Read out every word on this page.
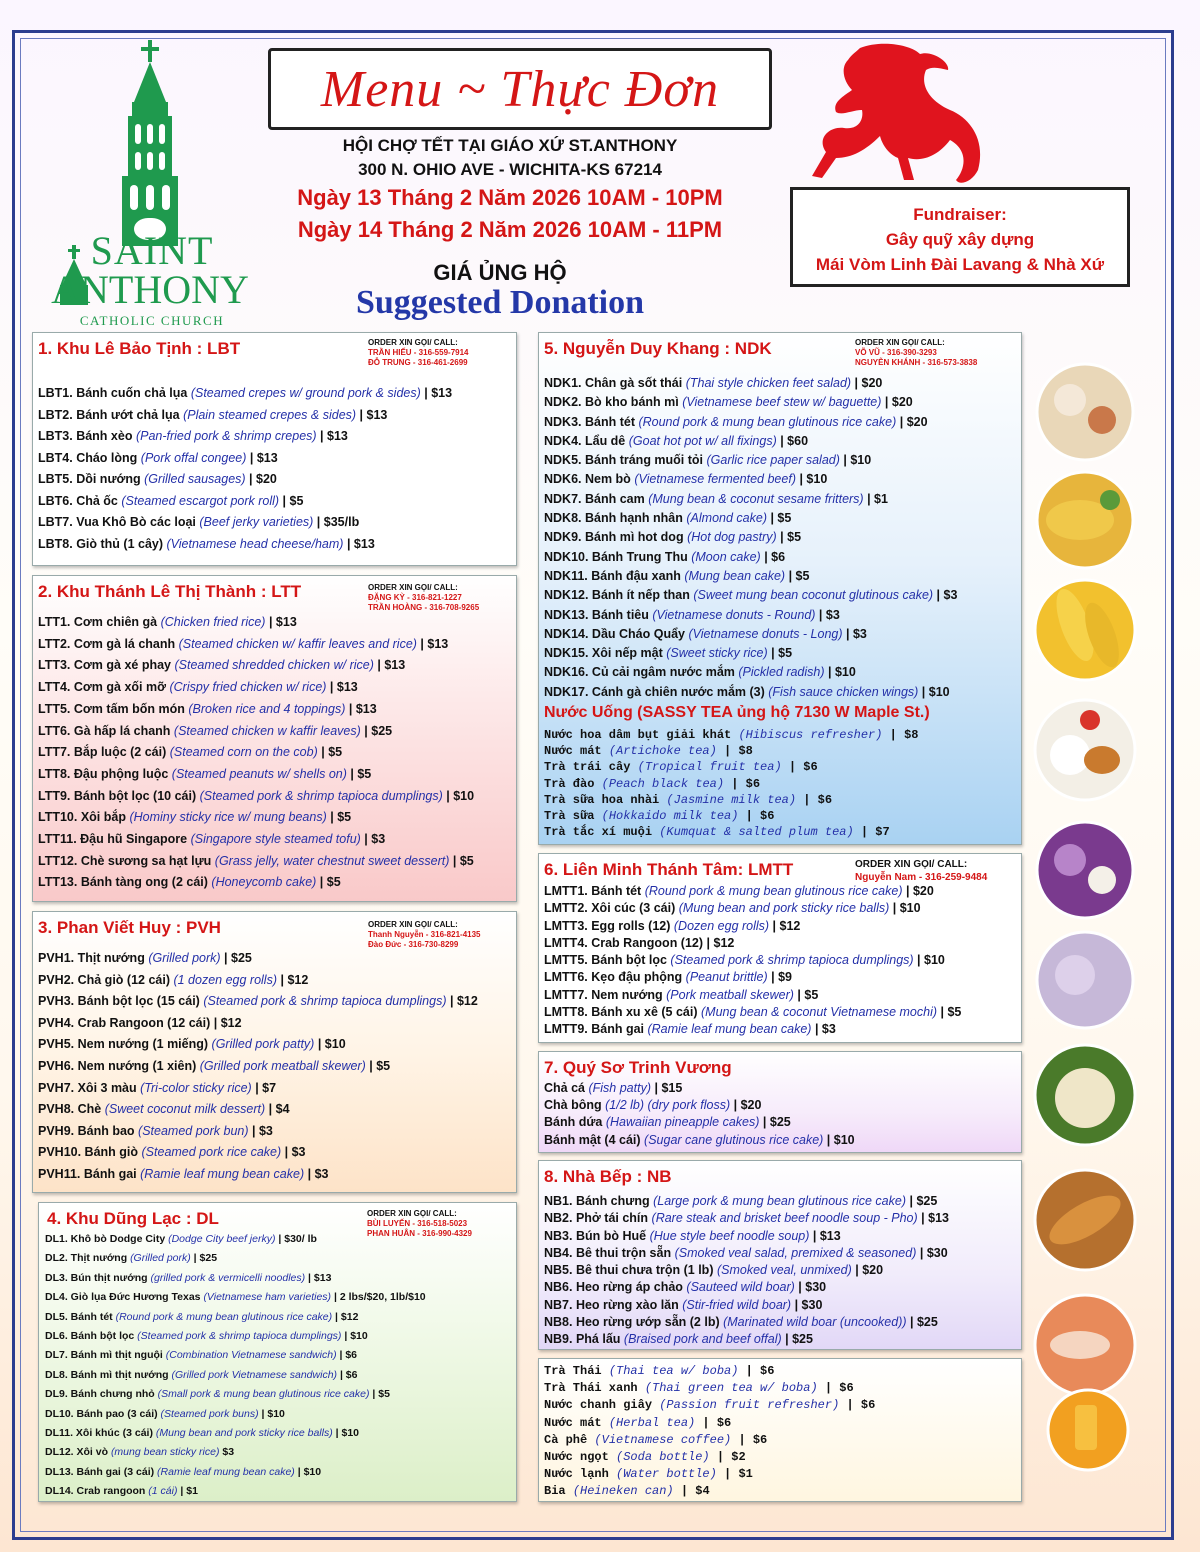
SAINT
ANTHONY
CATHOLIC CHURCH
Menu ~ Thực Đơn
HỘI CHỢ TẾT TẠI GIÁO XỨ ST.ANTHONY
300 N. OHIO AVE - WICHITA-KS 67214
Ngày 13 Tháng 2 Năm 2026 10AM - 10PM
Ngày 14 Tháng 2 Năm 2026 10AM - 11PM
GIÁ ỦNG HỘ
Suggested Donation
Fundraiser:
Gây quỹ xây dựng
Mái Vòm Linh Đài Lavang & Nhà Xứ
1. Khu Lê Bảo Tịnh : LBT	ORDER XIN GỌI/ CALL:
TRẦN HIẾU - 316-559-7914
ĐỖ TRUNG - 316-461-2699
LBT1. Bánh cuốn chả lụa (Steamed crepes w/ ground pork & sides) | $13
LBT2. Bánh ướt chả lụa (Plain steamed crepes & sides) | $13
LBT3. Bánh xèo (Pan-fried pork & shrimp crepes) | $13
LBT4. Cháo lòng (Pork offal congee) | $13
LBT5. Dồi nướng (Grilled sausages) | $20
LBT6. Chả ốc (Steamed escargot pork roll) | $5
LBT7. Vua Khô Bò các loại (Beef jerky varieties) | $35/lb
LBT8. Giò thủ (1 cây) (Vietnamese head cheese/ham) | $13
2. Khu Thánh Lê Thị Thành : LTT	ORDER XIN GỌI/ CALL:
ĐẶNG KỲ - 316-821-1227
TRẦN HOÀNG - 316-708-9265
LTT1. Cơm chiên gà (Chicken fried rice) | $13
LTT2. Cơm gà lá chanh (Steamed chicken w/ kaffir leaves and rice) | $13
LTT3. Cơm gà xé phay (Steamed shredded chicken w/ rice) | $13
LTT4. Cơm gà xối mỡ (Crispy fried chicken w/ rice) | $13
LTT5. Cơm tấm bốn món (Broken rice and 4 toppings) | $13
LTT6. Gà hấp lá chanh (Steamed chicken w kaffir leaves) | $25
LTT7. Bắp luộc (2 cái) (Steamed corn on the cob) | $5
LTT8. Đậu phộng luộc (Steamed peanuts w/ shells on) | $5
LTT9. Bánh bột lọc (10 cái) (Steamed pork & shrimp tapioca dumplings) | $10
LTT10. Xôi bắp (Hominy sticky rice w/ mung beans) | $5
LTT11. Đậu hũ Singapore (Singapore style steamed tofu) | $3
LTT12. Chè sương sa hạt lựu (Grass jelly, water chestnut sweet dessert) | $5
LTT13. Bánh tàng ong (2 cái) (Honeycomb cake) | $5
3. Phan Viết Huy : PVH	ORDER XIN GỌI/ CALL:
Thanh Nguyễn - 316-821-4135
Đào Đức - 316-730-8299
PVH1. Thịt nướng (Grilled pork) | $25
PVH2. Chả giò (12 cái) (1 dozen egg rolls) | $12
PVH3. Bánh bột lọc (15 cái) (Steamed pork & shrimp tapioca dumplings) | $12
PVH4. Crab Rangoon (12 cái) | $12
PVH5. Nem nướng (1 miếng) (Grilled pork patty) | $10
PVH6. Nem nướng (1 xiên) (Grilled pork meatball skewer) | $5
PVH7. Xôi 3 màu (Tri-color sticky rice) | $7
PVH8. Chè (Sweet coconut milk dessert) | $4
PVH9. Bánh bao (Steamed pork bun) | $3
PVH10. Bánh giò (Steamed pork rice cake) | $3
PVH11. Bánh gai (Ramie leaf mung bean cake) | $3
4. Khu Dũng Lạc : DL	ORDER XIN GỌI/ CALL:
BÙI LUYẾN - 316-518-5023
PHAN HUÂN - 316-990-4329
DL1. Khô bò Dodge City (Dodge City beef jerky) | $30/ lb
DL2. Thịt nướng (Grilled pork) | $25
DL3. Bún thịt nướng (grilled pork & vermicelli noodles) | $13
DL4. Giò lụa Đức Hương Texas (Vietnamese ham varieties) | 2 lbs/$20, 1lb/$10
DL5. Bánh tét (Round pork & mung bean glutinous rice cake) | $12
DL6. Bánh bột lọc (Steamed pork & shrimp tapioca dumplings) | $10
DL7. Bánh mì thịt nguội (Combination Vietnamese sandwich) | $6
DL8. Bánh mì thịt nướng (Grilled pork Vietnamese sandwich) | $6
DL9. Bánh chưng nhỏ (Small pork & mung bean glutinous rice cake) | $5
DL10. Bánh pao (3 cái) (Steamed pork buns) | $10
DL11. Xôi khúc (3 cái) (Mung bean and pork sticky rice balls) | $10
DL12. Xôi vò (mung bean sticky rice) $3
DL13. Bánh gai (3 cái) (Ramie leaf mung bean cake) | $10
DL14. Crab rangoon (1 cái) | $1
5. Nguyễn Duy Khang : NDK	ORDER XIN GỌI/ CALL:
VÕ VŨ - 316-390-3293
NGUYỄN KHÁNH - 316-573-3838
NDK1. Chân gà sốt thái (Thai style chicken feet salad) | $20
NDK2. Bò kho bánh mì (Vietnamese beef stew w/ baguette) | $20
NDK3. Bánh tét (Round pork & mung bean glutinous rice cake) | $20
NDK4. Lẩu dê (Goat hot pot w/ all fixings) | $60
NDK5. Bánh tráng muối tỏi (Garlic rice paper salad) | $10
NDK6. Nem bò (Vietnamese fermented beef) | $10
NDK7. Bánh cam (Mung bean & coconut sesame fritters) | $1
NDK8. Bánh hạnh nhân (Almond cake) | $5
NDK9. Bánh mì hot dog (Hot dog pastry) | $5
NDK10. Bánh Trung Thu (Moon cake) | $6
NDK11. Bánh đậu xanh (Mung bean cake) | $5
NDK12. Bánh ít nếp than (Sweet mung bean coconut glutinous cake) | $3
NDK13. Bánh tiêu (Vietnamese donuts - Round) | $3
NDK14. Dầu Cháo Quẩy (Vietnamese donuts - Long) | $3
NDK15. Xôi nếp mật (Sweet sticky rice) | $5
NDK16. Củ cải ngâm nước mắm (Pickled radish) | $10
NDK17. Cánh gà chiên nước mắm (3) (Fish sauce chicken wings) | $10
Nước Uống (SASSY TEA ủng hộ 7130 W Maple St.)
Nước hoa dâm bụt giải khát (Hibiscus refresher) | $8
Nước mát (Artichoke tea) | $8
Trà trái cây (Tropical fruit tea) | $6
Trà đào (Peach black tea) | $6
Trà sữa hoa nhài (Jasmine milk tea) | $6
Trà sữa (Hokkaido milk tea) | $6
Trà tắc xí muội (Kumquat & salted plum tea) | $7
6. Liên Minh Thánh Tâm: LMTT	ORDER XIN GỌI/ CALL:
Nguyễn Nam - 316-259-9484
LMTT1. Bánh tét (Round pork & mung bean glutinous rice cake) | $20
LMTT2. Xôi cúc (3 cái) (Mung bean and pork sticky rice balls) | $10
LMTT3. Egg rolls (12) (Dozen egg rolls) | $12
LMTT4. Crab Rangoon (12) | $12
LMTT5. Bánh bột lọc (Steamed pork & shrimp tapioca dumplings) | $10
LMTT6. Kẹo đậu phộng (Peanut brittle) | $9
LMTT7. Nem nướng (Pork meatball skewer) | $5
LMTT8. Bánh xu xê (5 cái) (Mung bean & coconut Vietnamese mochi) | $5
LMTT9. Bánh gai (Ramie leaf mung bean cake) | $3
7. Quý Sơ Trinh Vương
Chả cá (Fish patty) | $15
Chà bông (1/2 lb) (dry pork floss) | $20
Bánh dứa (Hawaiian pineapple cakes) | $25
Bánh mật (4 cái) (Sugar cane glutinous rice cake) | $10
8. Nhà Bếp : NB
NB1. Bánh chưng (Large pork & mung bean glutinous rice cake) | $25
NB2. Phở tái chín (Rare steak and brisket beef noodle soup - Pho) | $13
NB3. Bún bò Huế (Hue style beef noodle soup) | $13
NB4. Bê thui trộn sẵn (Smoked veal salad, premixed & seasoned) | $30
NB5. Bê thui chưa trộn (1 lb) (Smoked veal, unmixed) | $20
NB6. Heo rừng áp chảo (Sauteed wild boar) | $30
NB7. Heo rừng xào lăn (Stir-fried wild boar) | $30
NB8. Heo rừng ướp sẵn (2 lb) (Marinated wild boar (uncooked)) | $25
NB9. Phá lấu (Braised pork and beef offal) | $25
Trà Thái (Thai tea w/ boba) | $6
Trà Thái xanh (Thai green tea w/ boba) | $6
Nước chanh giây (Passion fruit refresher) | $6
Nước mát (Herbal tea) | $6
Cà phê (Vietnamese coffee) | $6
Nước ngọt (Soda bottle) | $2
Nước lạnh (Water bottle) | $1
Bia (Heineken can) | $4
